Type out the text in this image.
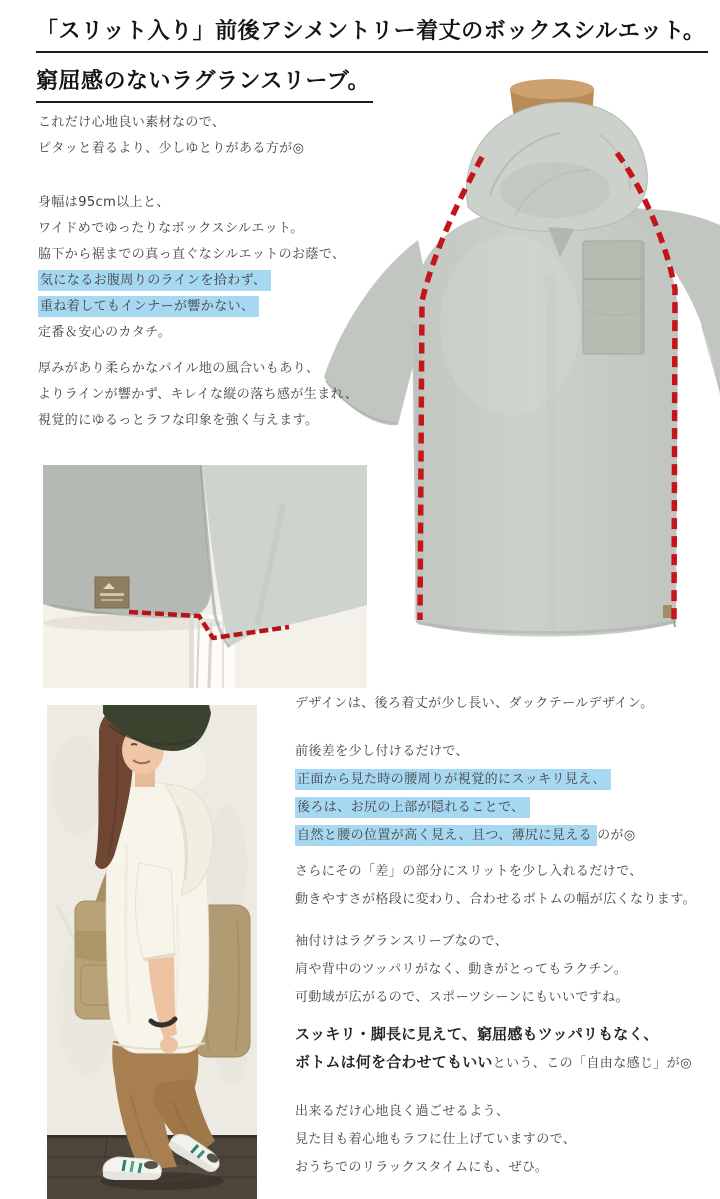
「スリット入り」前後アシメントリー着丈のボックスシルエット。
窮屈感のないラグランスリーブ。
これだけ心地良い素材なので、
ピタッと着るより、少しゆとりがある方が◎
身幅は95cm以上と、
ワイドめでゆったりなボックスシルエット。
脇下から裾までの真っ直ぐなシルエットのお蔭で、
気になるお腹周りのラインを拾わず、
重ね着してもインナーが響かない、
定番＆安心のカタチ。
厚みがあり柔らかなパイル地の風合いもあり、
よりラインが響かず、キレイな縦の落ち感が生まれ、
視覚的にゆるっとラフな印象を強く与えます。
デザインは、後ろ着丈が少し長い、ダックテールデザイン。
前後差を少し付けるだけで、
正面から見た時の腰周りが視覚的にスッキリ見え、
後ろは、お尻の上部が隠れることで、
自然と腰の位置が高く見え、且つ、薄尻に見える のが◎
さらにその「差」の部分にスリットを少し入れるだけで、
動きやすさが格段に変わり、合わせるボトムの幅が広くなります。
袖付けはラグランスリーブなので、
肩や背中のツッパリがなく、動きがとってもラクチン。
可動域が広がるので、スポーツシーンにもいいですね。
スッキリ・脚長に見えて、窮屈感もツッパリもなく、
ボトムは何を合わせてもいいという、この「自由な感じ」が◎
出来るだけ心地良く過ごせるよう、
見た目も着心地もラフに仕上げていますので、
おうちでのリラックスタイムにも、ぜひ。
